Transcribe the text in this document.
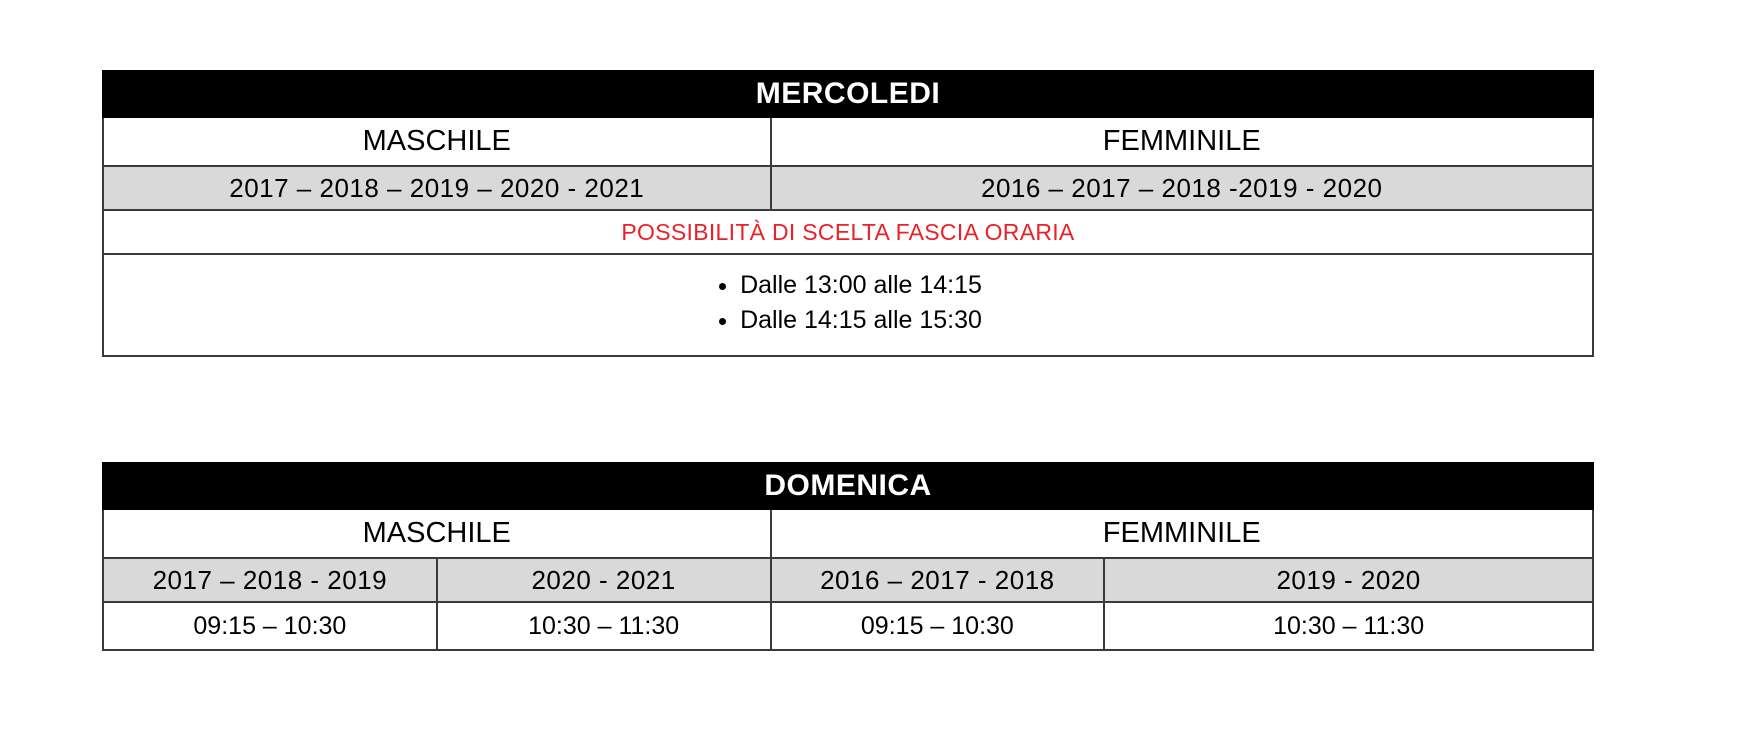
MERCOLEDI	
MASCHILE	FEMMINILE
2017 – 2018 – 2019 – 2020 - 2021	2016 – 2017 – 2018 -2019 - 2020
POSSIBILITÀ DI SCELTA FASCIA ORARIA	

• Dalle 13:00 alle 14:15
• Dalle 14:15 alle 15:30
DOMENICA			
MASCHILE		FEMMINILE	
2017 – 2018 - 2019	2020 - 2021	2016 – 2017 - 2018	2019 - 2020
09:15 – 10:30	10:30 – 11:30	09:15 – 10:30	10:30 – 11:30
